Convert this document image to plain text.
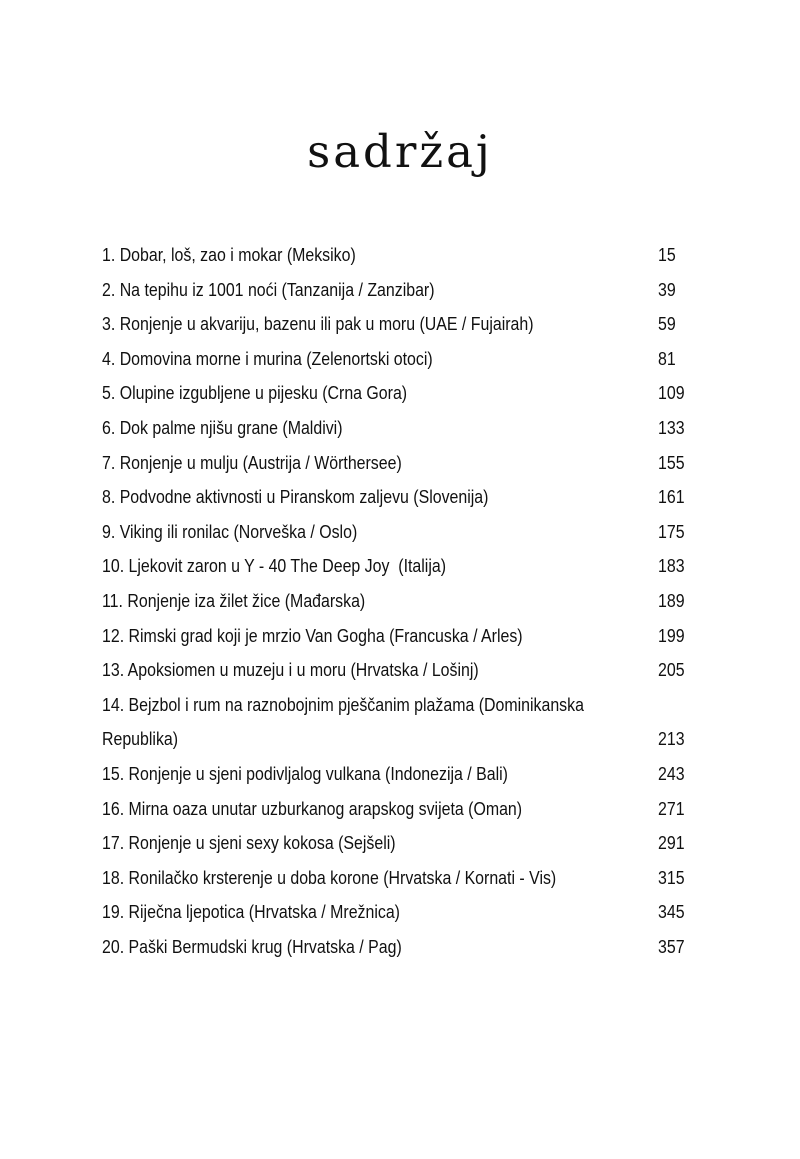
sadržaj
1. Dobar, loš, zao i mokar (Meksiko)	15
2. Na tepihu iz 1001 noći (Tanzanija / Zanzibar)	39
3. Ronjenje u akvariju, bazenu ili pak u moru (UAE / Fujairah)	59
4. Domovina morne i murina (Zelenortski otoci)	81
5. Olupine izgubljene u pijesku (Crna Gora)	109
6. Dok palme njišu grane (Maldivi)	133
7. Ronjenje u mulju (Austrija / Wörthersee)	155
8. Podvodne aktivnosti u Piranskom zaljevu (Slovenija)	161
9. Viking ili ronilac (Norveška / Oslo)	175
10. Ljekovit zaron u Y - 40 The Deep Joy  (Italija)	183
11. Ronjenje iza žilet žice (Mađarska)	189
12. Rimski grad koji je mrzio Van Gogha (Francuska / Arles)	199
13. Apoksiomen u muzeju i u moru (Hrvatska / Lošinj)	205
14. Bejzbol i rum na raznobojnim pješčanim plažama (Dominikanska
Republika)	213
15. Ronjenje u sjeni podivljalog vulkana (Indonezija / Bali)	243
16. Mirna oaza unutar uzburkanog arapskog svijeta (Oman)	271
17. Ronjenje u sjeni sexy kokosa (Sejšeli)	291
18. Ronilačko krsterenje u doba korone (Hrvatska / Kornati - Vis)	315
19. Riječna ljepotica (Hrvatska / Mrežnica)	345
20. Paški Bermudski krug (Hrvatska / Pag)	357
